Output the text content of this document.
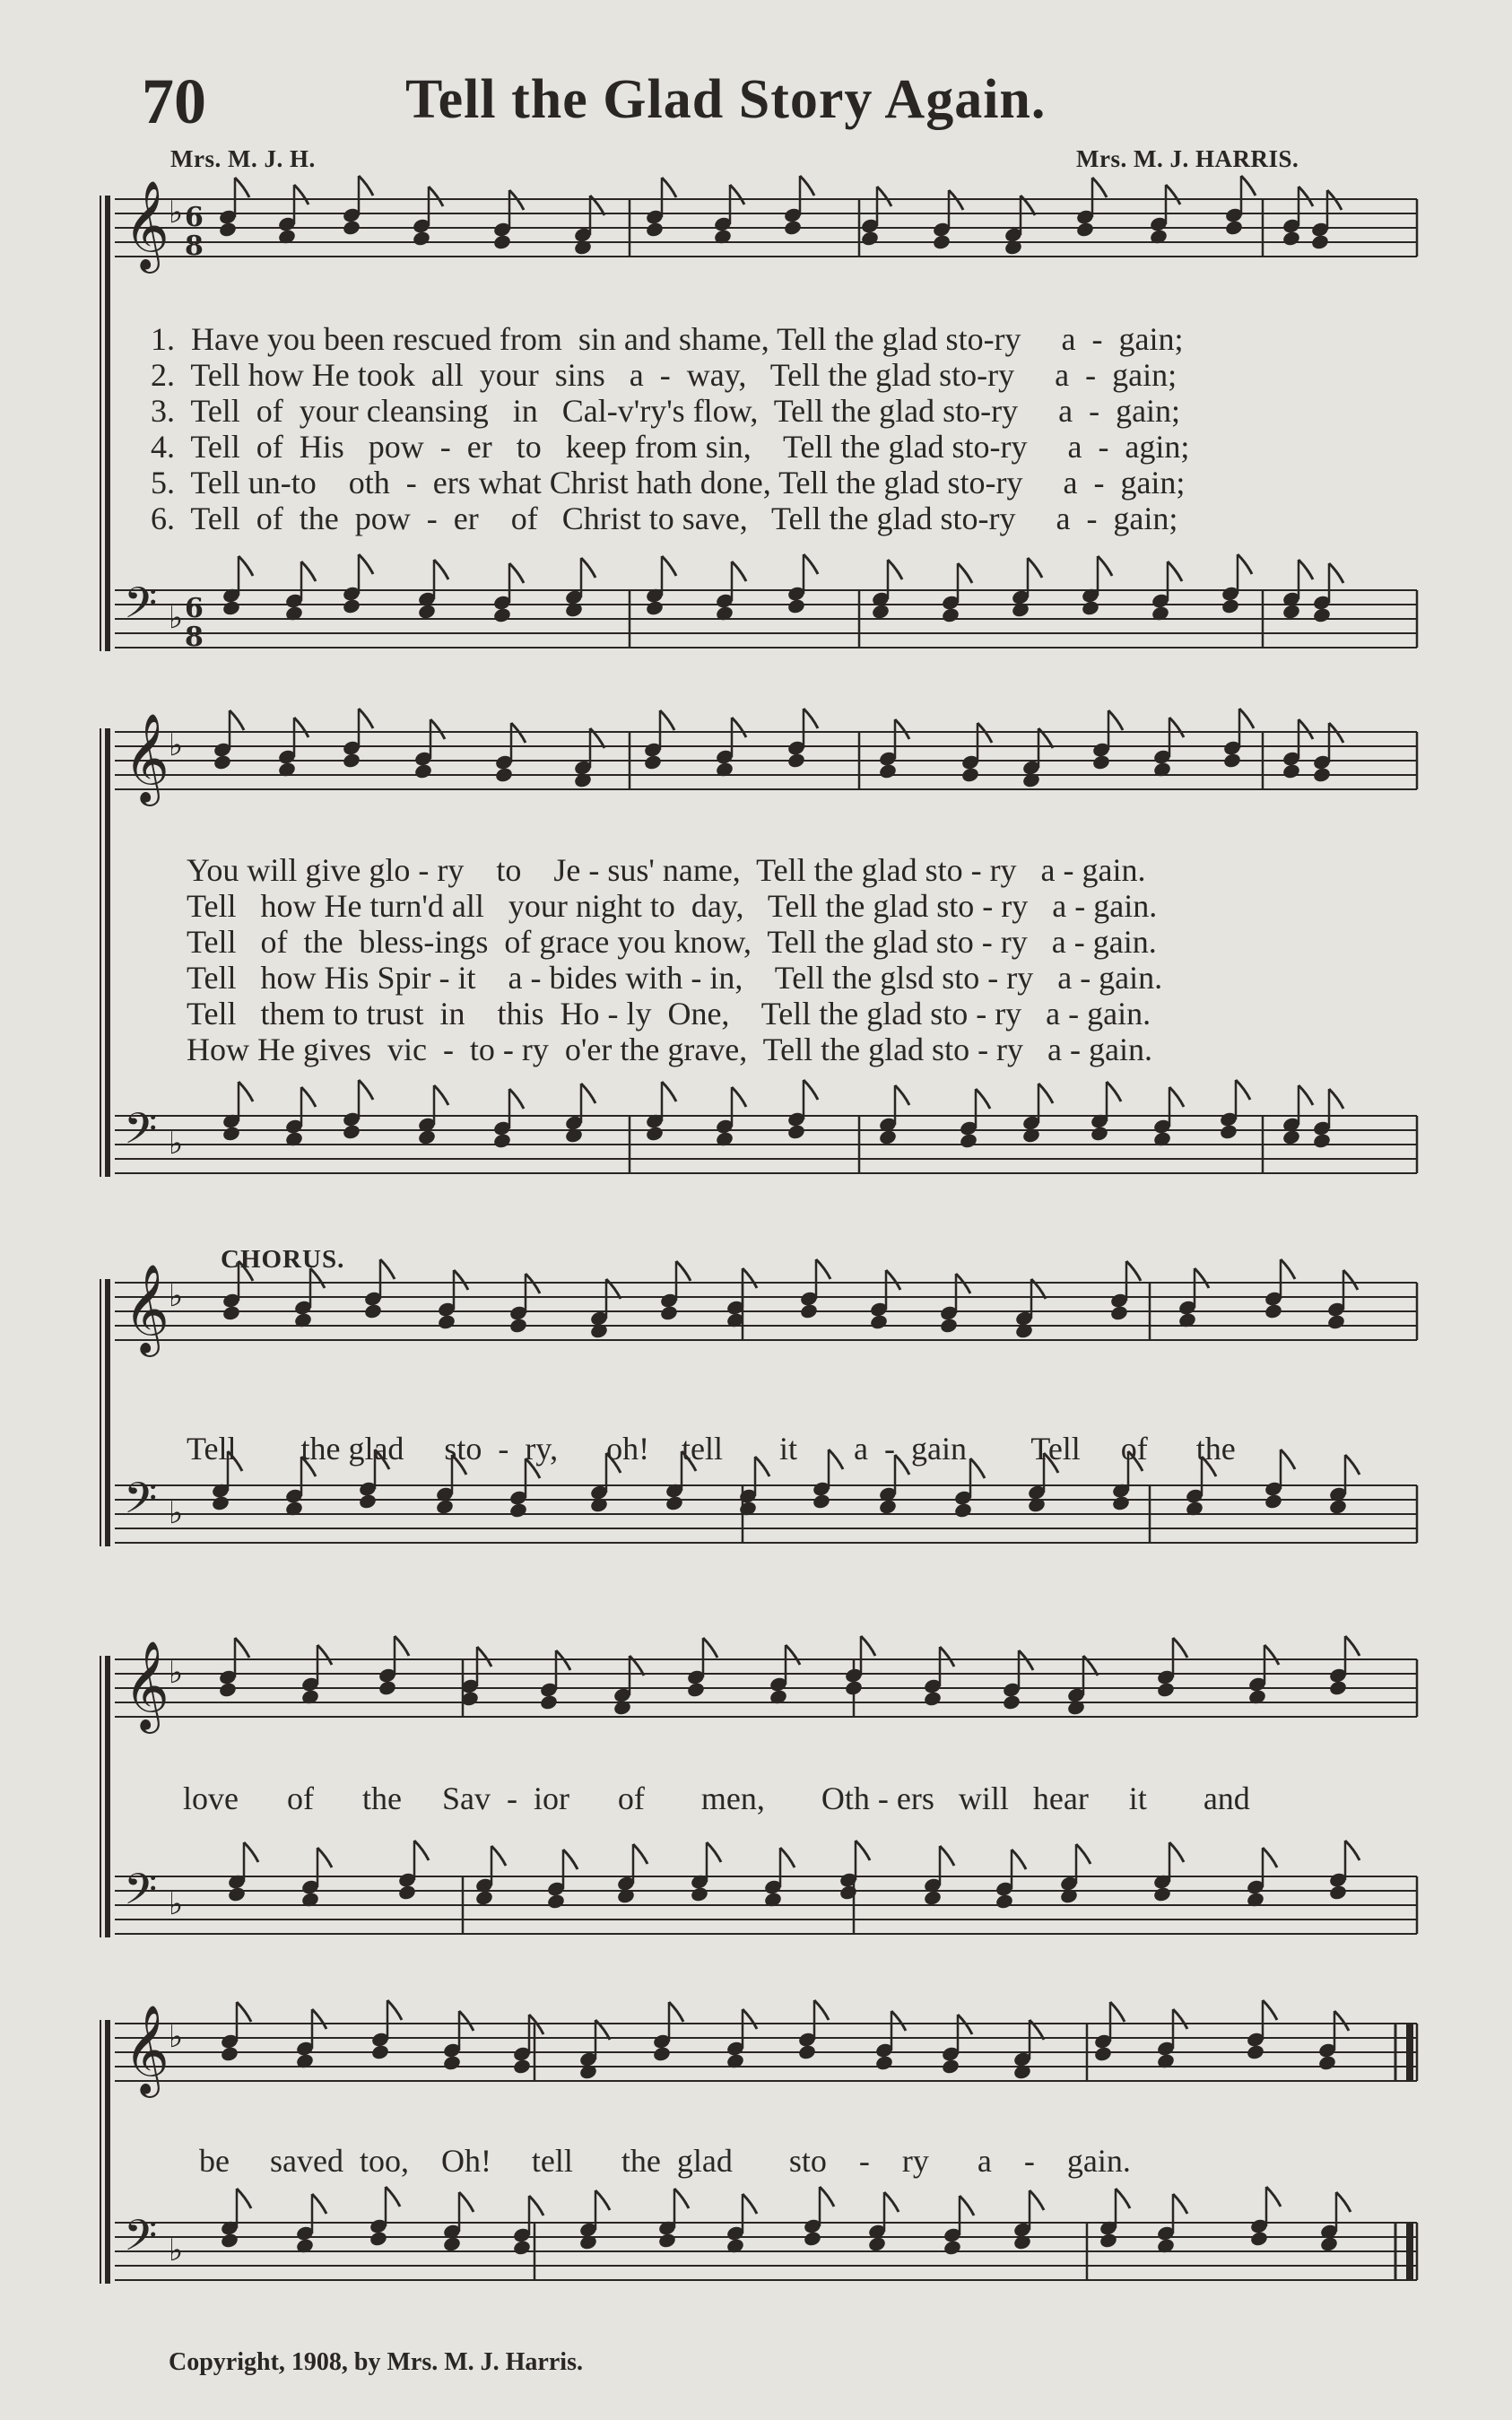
70	Tell the Glad Story Again.
Mrs. M. J. H.	Mrs. M. J. HARRIS.
𝄞 ♭ 6
8
𝄢 ♭ 6
8
𝄞 ♭
𝄢 ♭
𝄞 ♭
𝄢 ♭
𝄞 ♭
𝄢 ♭
𝄞 ♭
𝄢 ♭
1.  Have you been rescued from  sin and shame, Tell the glad sto-ry     a  -  gain;
2.  Tell how He took  all  your  sins   a  -  way,   Tell the glad sto-ry     a  -  gain;
3.  Tell  of  your cleansing   in   Cal-v'ry's flow,  Tell the glad sto-ry     a  -  gain;
4.  Tell  of  His   pow  -  er   to   keep from sin,    Tell the glad sto-ry     a  -  agin;
5.  Tell un-to    oth  -  ers what Christ hath done, Tell the glad sto-ry     a  -  gain;
6.  Tell  of  the  pow  -  er    of   Christ to save,   Tell the glad sto-ry     a  -  gain;
You will give glo - ry    to    Je - sus' name,  Tell the glad sto - ry   a - gain.
Tell   how He turn'd all   your night to  day,   Tell the glad sto - ry   a - gain.
Tell   of  the  bless-ings  of grace you know,  Tell the glad sto - ry   a - gain.
Tell   how His Spir - it    a - bides with - in,    Tell the glsd sto - ry   a - gain.
Tell   them to trust  in    this  Ho - ly  One,    Tell the glad sto - ry   a - gain.
How He gives  vic  -  to - ry  o'er the grave,  Tell the glad sto - ry   a - gain.
CHORUS.
Tell        the glad     sto  -  ry,      oh!    tell       it       a  -  gain        Tell     of      the
love      of      the     Sav  -  ior      of       men,       Oth - ers   will   hear     it       and
be     saved  too,    Oh!     tell      the  glad       sto    -    ry      a    -    gain.
Copyright, 1908, by Mrs. M. J. Harris.
